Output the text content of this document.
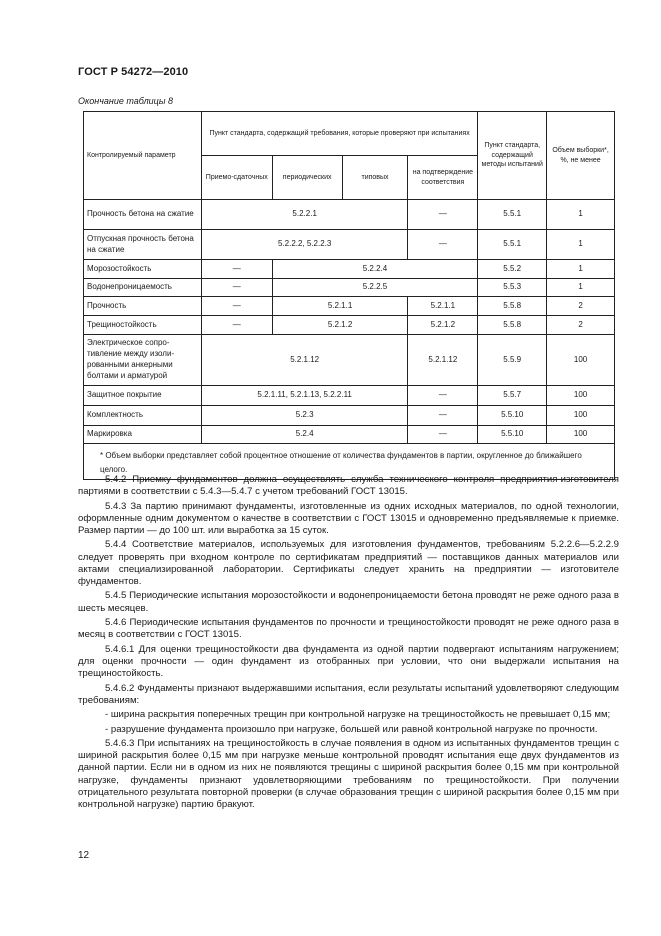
ГОСТ Р 54272—2010
Окончание таблицы 8
Контролируемый параметр	Пункт стандарта, содержащий требования, которые проверяют при испытаниях				Пункт стандарта, содержащий методы испытаний	Объем выборки*, %, не менее
	Приемо-сдаточных	периодических	типовых	на подтверждение соответствия		
Прочность бетона на сжатие	5.2.2.1			—	5.5.1	1
Отпускная прочность бетона на сжатие	5.2.2.2, 5.2.2.3			—	5.5.1	1
Морозостойкость	—	5.2.2.4			5.5.2	1
Водонепроницаемость	—	5.2.2.5			5.5.3	1
Прочность	—	5.2.1.1		5.2.1.1	5.5.8	2
Трещиностойкость	—	5.2.1.2		5.2.1.2	5.5.8	2
Электрическое сопротивление между изолированными анкерными болтами и арматурой	5.2.1.12			5.2.1.12	5.5.9	100
Защитное покрытие	5.2.1.11, 5.2.1.13, 5.2.2.11			—	5.5.7	100
Комплектность	5.2.3			—	5.5.10	100
Маркировка	5.2.4			—	5.5.10	100
* Объем выборки представляет собой процентное отношение от количества фундаментов в партии, округленное до ближайшего целого.						

5.4.2 Приемку фундаментов должна осуществлять служба технического контроля предприятия-изготовителя партиями в соответствии с 5.4.3—5.4.7 с учетом требований ГОСТ 13015.

5.4.3 За партию принимают фундаменты, изготовленные из одних исходных материалов, по одной технологии, оформленные одним документом о качестве в соответствии с ГОСТ 13015 и одновременно предъявляемые к приемке. Размер партии — до 100 шт. или выработка за 15 суток.

5.4.4 Соответствие материалов, используемых для изготовления фундаментов, требованиям 5.2.2.6—5.2.2.9 следует проверять при входном контроле по сертификатам предприятий — поставщиков данных материалов или актами специализированной лаборатории. Сертификаты следует хранить на предприятии — изготовителе фундаментов.

5.4.5 Периодические испытания морозостойкости и водонепроницаемости бетона проводят не реже одного раза в шесть месяцев.

5.4.6 Периодические испытания фундаментов по прочности и трещиностойкости проводят не реже одного раза в месяц в соответствии с ГОСТ 13015.

5.4.6.1 Для оценки трещиностойкости два фундамента из одной партии подвергают испытаниям нагружением; для оценки прочности — один фундамент из отобранных при условии, что они выдержали испытания на трещиностойкость.

5.4.6.2 Фундаменты признают выдержавшими испытания, если результаты испытаний удовлетворяют следующим требованиям:

- ширина раскрытия поперечных трещин при контрольной нагрузке на трещиностойкость не превышает 0,15 мм;

- разрушение фундамента произошло при нагрузке, большей или равной контрольной нагрузке по прочности.

5.4.6.3 При испытаниях на трещиностойкость в случае появления в одном из испытанных фундаментов трещин с шириной раскрытия более 0,15 мм при нагрузке меньше контрольной проводят испытания еще двух фундаментов из данной партии. Если ни в одном из них не появляются трещины с шириной раскрытия более 0,15 мм при контрольной нагрузке, фундаменты признают удовлетворяющими требованиям по трещиностойкости. При получении отрицательного результата повторной проверки (в случае образования трещин с шириной раскрытия более 0,15 мм при контрольной нагрузке) партию бракуют.

12
